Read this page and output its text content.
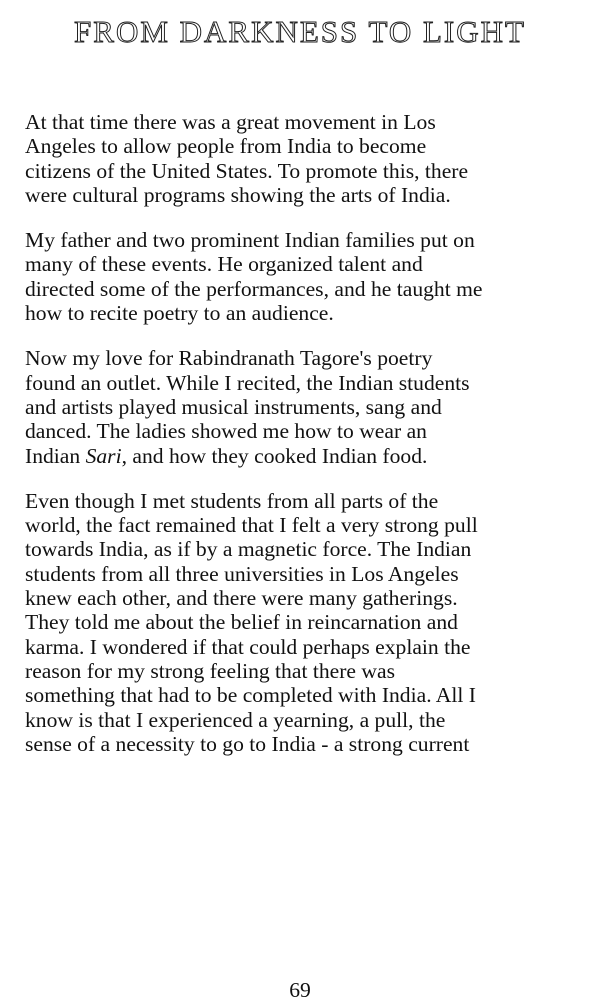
FROM DARKNESS TO LIGHT

At that time there was a great movement in Los
Angeles to allow people from India to become
citizens of the United States. To promote this, there
were cultural programs showing the arts of India.

My father and two prominent Indian families put on
many of these events. He organized talent and
directed some of the performances, and he taught me
how to recite poetry to an audience.

Now my love for Rabindranath Tagore's poetry
found an outlet. While I recited, the Indian students
and artists played musical instruments, sang and
danced. The ladies showed me how to wear an
Indian Sari, and how they cooked Indian food.

Even though I met students from all parts of the
world, the fact remained that I felt a very strong pull
towards India, as if by a magnetic force. The Indian
students from all three universities in Los Angeles
knew each other, and there were many gatherings.
They told me about the belief in reincarnation and
karma. I wondered if that could perhaps explain the
reason for my strong feeling that there was
something that had to be completed with India. All I
know is that I experienced a yearning, a pull, the
sense of a necessity to go to India - a strong current

69
